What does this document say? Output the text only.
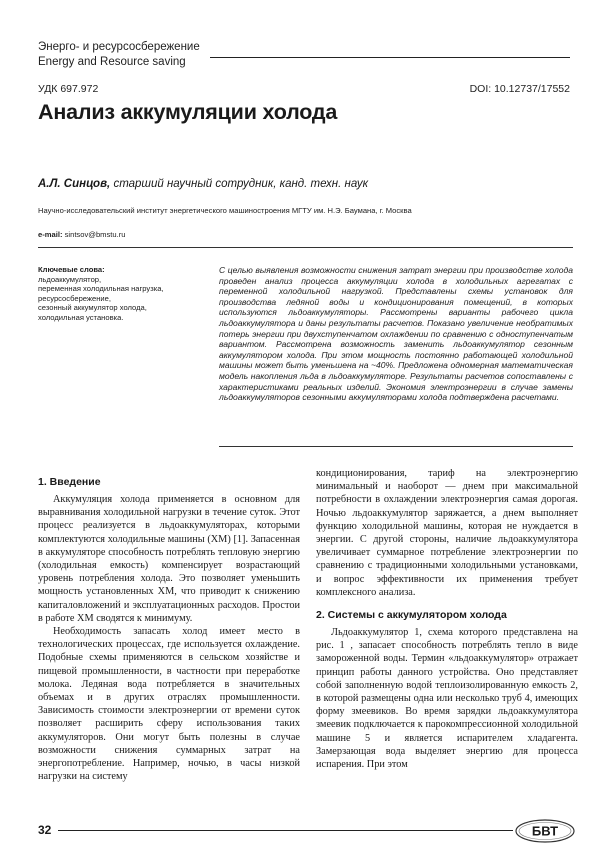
Энерго- и ресурсосбережение
Energy and Resource saving
УДК 697.972	DOI: 10.12737/17552
Анализ аккумуляции холода
А.Л. Синцов, старший научный сотрудник, канд. техн. наук
Научно-исследовательский институт энергетического машиностроения МГТУ им. Н.Э. Баумана, г. Москва
e-mail: sintsov@bmstu.ru
Ключевые слова:
льдоаккумулятор,
переменная холодильная нагрузка,
ресурсосбережение,
сезонный аккумулятор холода,
холодильная установка.
С целью выявления возможности снижения затрат энергии при производстве холода проведен анализ процесса аккумуляции холода в холодильных агрегатах с переменной холодильной нагрузкой. Представлены схемы установок для производства ледяной воды и кондиционирования помещений, в которых используются льдоаккумуляторы. Рассмотрены варианты рабочего цикла льдоаккумулятора и даны результаты расчетов. Показано увеличение необратимых потерь энергии при двухступенчатом охлаждении по сравнению с одноступенчатым вариантом. Рассмотрена возможность заменить льдоаккумулятор сезонным аккумулятором холода. При этом мощность постоянно работающей холодильной машины может быть уменьшена на ~40%. Предложена одномерная математическая модель накопления льда в льдоаккумуляторе. Результаты расчетов сопоставлены с характеристиками реальных изделий. Экономия электроэнергии в случае замены льдоаккумуляторов сезонными аккумуляторами холода подтверждена расчетами.
1. Введение

Аккумуляция холода применяется в основном для выравнивания холодильной нагрузки в течение суток. Этот процесс реализуется в льдоаккумуляторах, которыми комплектуются холодильные машины (ХМ) [1]. Запасенная в аккумуляторе способность потреблять тепловую энергию (холодильная емкость) компенсирует возрастающий уровень потребления холода. Это позволяет уменьшить мощность установленных ХМ, что приводит к снижению капиталовложений и эксплуатационных расходов. Простои в работе ХМ сводятся к минимуму.

Необходимость запасать холод имеет место в технологических процессах, где используется охлаждение. Подобные схемы применяются в сельском хозяйстве и пищевой промышленности, в частности при переработке молока. Ледяная вода потребляется в значительных объемах и в других отраслях промышленности. Зависимость стоимости электроэнергии от времени суток позволяет расширить сферу использования таких аккумуляторов. Они могут быть полезны в случае возможности снижения суммарных затрат на энергопотребление. Например, ночью, в часы низкой нагрузки на систему

кондиционирования, тариф на электроэнергию минимальный и наоборот — днем при максимальной потребности в охлаждении электроэнергия самая дорогая. Ночью льдоаккумулятор заряжается, а днем выполняет функцию холодильной машины, которая не нуждается в энергии. С другой стороны, наличие льдоаккумулятора увеличивает суммарное потребление электроэнергии по сравнению с традиционными холодильными установками, и вопрос эффективности их применения требует комплексного анализа.

2. Системы с аккумулятором холода

Льдоаккумулятор 1, схема которого представлена на рис. 1 , запасает способность потреблять тепло в виде замороженной воды. Термин «льдоаккумулятор» отражает принцип работы данного устройства. Оно представляет собой заполненную водой теплоизолированную емкость 2, в которой размещены одна или несколько труб 4, имеющих форму змеевиков. Во время зарядки льдоаккумулятора змеевик подключается к парокомпрессионной холодильной машине 5 и является испарителем хладагента. Замерзающая вода выделяет энергию для процесса испарения. При этом

32	БВТ
